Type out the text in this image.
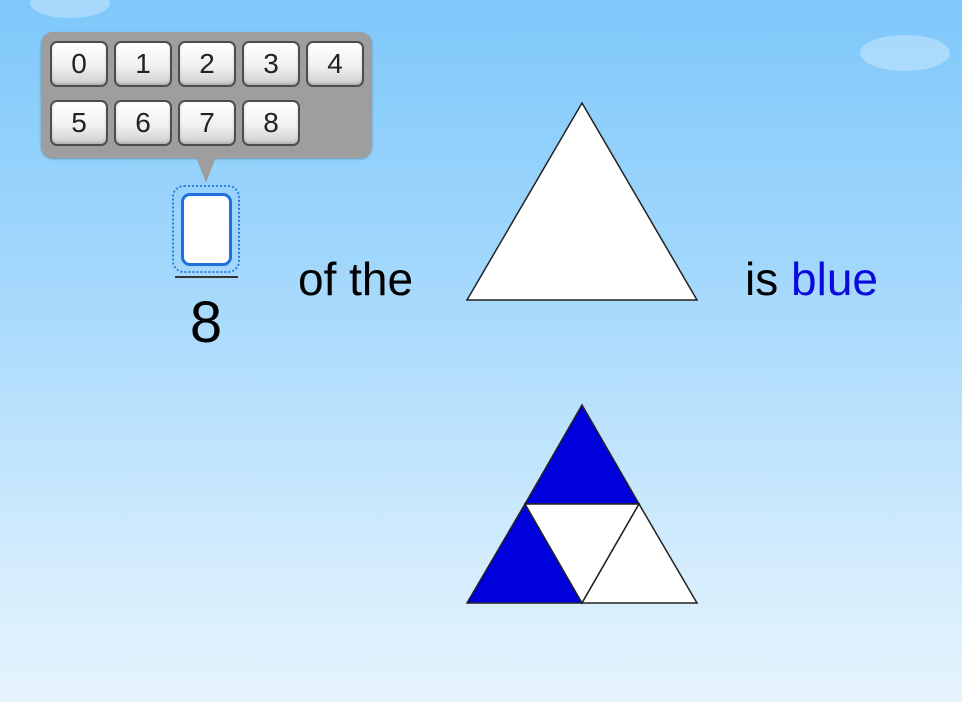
0	1	2	3	4
5	6	7	8
8
of the	is blue
